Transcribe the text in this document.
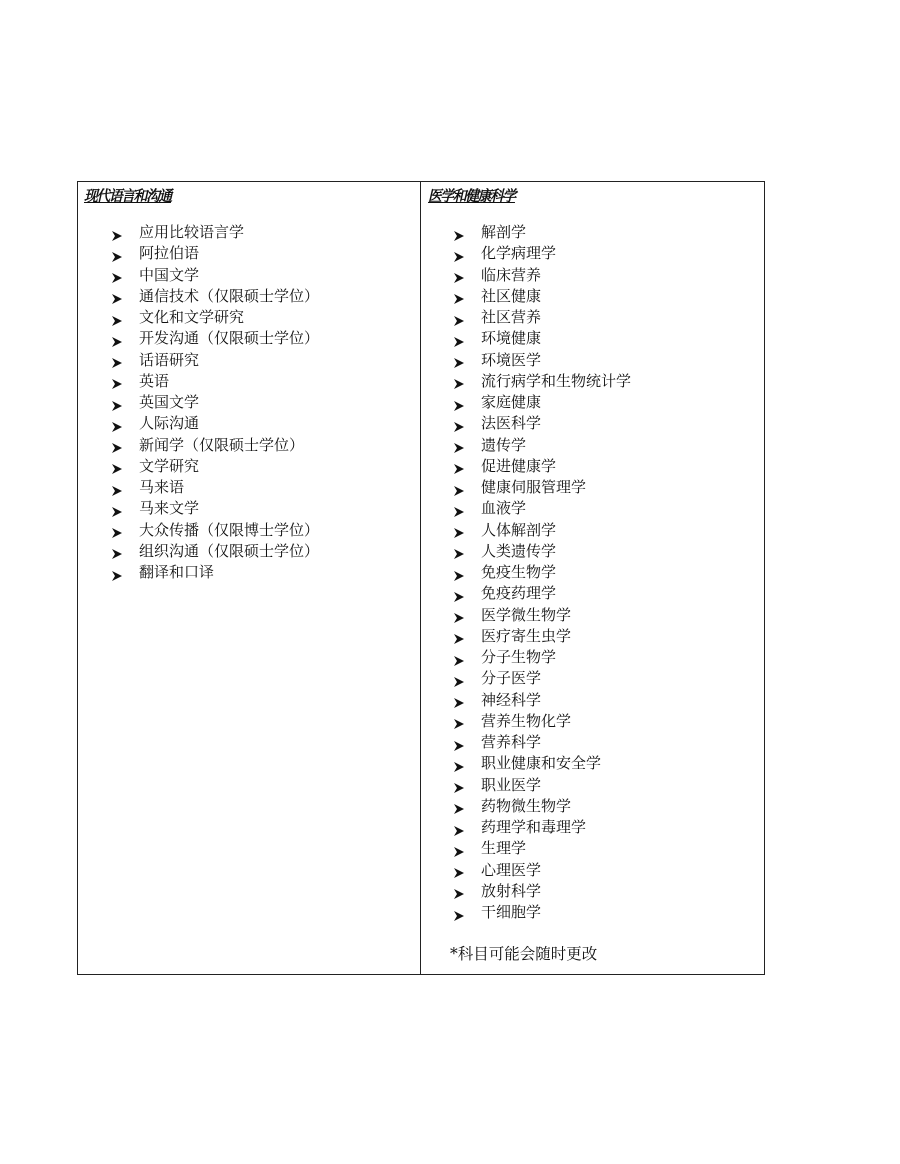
现代语言和沟通
应用比较语言学
阿拉伯语
中国文学
通信技术（仅限硕士学位）
文化和文学研究
开发沟通（仅限硕士学位）
话语研究
英语
英国文学
人际沟通
新闻学（仅限硕士学位）
文学研究
马来语
马来文学
大众传播（仅限博士学位）
组织沟通（仅限硕士学位）
翻译和口译
医学和健康科学
解剖学
化学病理学
临床营养
社区健康
社区营养
环境健康
环境医学
流行病学和生物统计学
家庭健康
法医科学
遗传学
促进健康学
健康伺服管理学
血液学
人体解剖学
人类遗传学
免疫生物学
免疫药理学
医学微生物学
医疗寄生虫学
分子生物学
分子医学
神经科学
营养生物化学
营养科学
职业健康和安全学
职业医学
药物微生物学
药理学和毒理学
生理学
心理医学
放射科学
干细胞学
*科目可能会随时更改
